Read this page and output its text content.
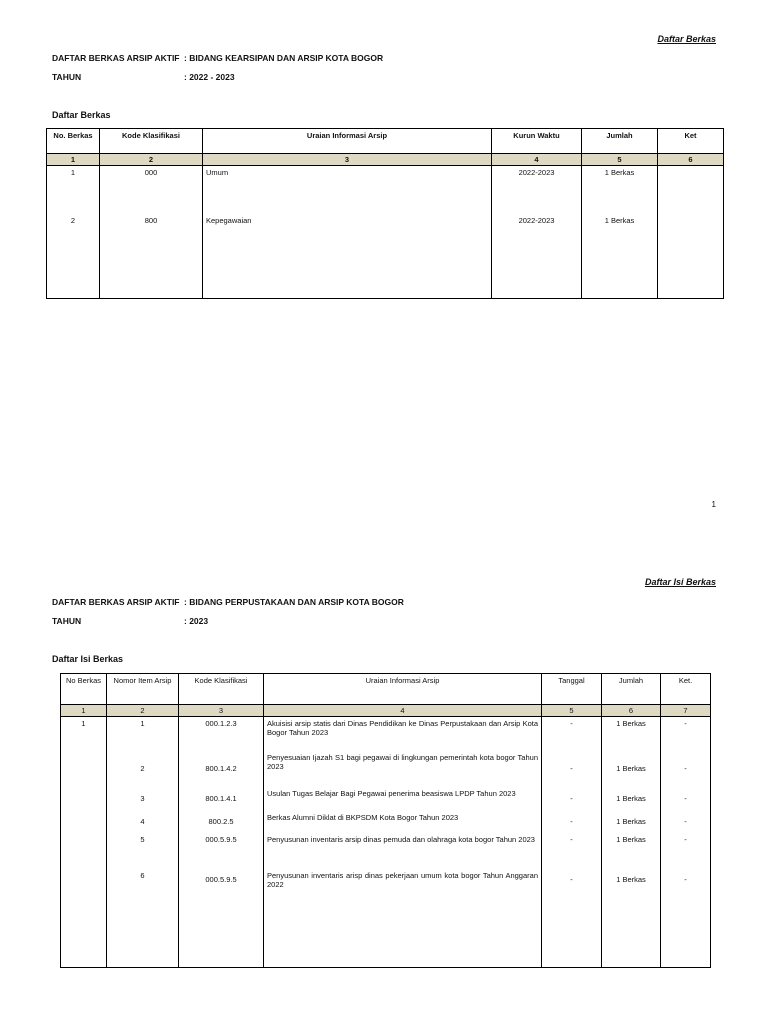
Daftar Berkas
DAFTAR BERKAS ARSIP AKTIF : BIDANG KEARSIPAN DAN ARSIP KOTA BOGOR
TAHUN	: 2022 - 2023
Daftar Berkas
No. Berkas	Kode Klasifikasi	Uraian Informasi Arsip	Kurun Waktu	Jumlah	Ket
1	2	3	4	5	6
1	000	Umum	2022-2023	1 Berkas	
2	800	Kepegawaian	2022-2023	1 Berkas	

1
Daftar Isi Berkas
DAFTAR BERKAS ARSIP AKTIF : BIDANG PERPUSTAKAAN DAN ARSIP KOTA BOGOR
TAHUN	: 2023
Daftar Isi Berkas
No Berkas	Nomor Item Arsip	Kode Klasifikasi	Uraian Informasi Arsip	Tanggal	Jumlah	Ket.
1	2	3	4	5	6	7
1	1	000.1.2.3	Akuisisi arsip statis dari Dinas Pendidikan ke Dinas Perpustakaan dan Arsip Kota Bogor Tahun 2023	-	1 Berkas	-
	2	800.1.4.2	Penyesuaian Ijazah S1 bagi pegawai di lingkungan pemerintah kota bogor Tahun 2023	-	1 Berkas	-
	3	800.1.4.1	Usulan Tugas Belajar Bagi Pegawai penerima beasiswa LPDP Tahun 2023	-	1 Berkas	-
	4	800.2.5	Berkas Alumni Diklat di BKPSDM Kota Bogor Tahun 2023	-	1 Berkas	-
	5	000.5.9.5	Penyusunan inventaris arsip dinas pemuda dan olahraga kota bogor Tahun 2023	-	1 Berkas	-
	6	000.5.9.5	Penyusunan inventaris arisp dinas pekerjaan umum kota bogor Tahun Anggaran 2022	-	1 Berkas	-
